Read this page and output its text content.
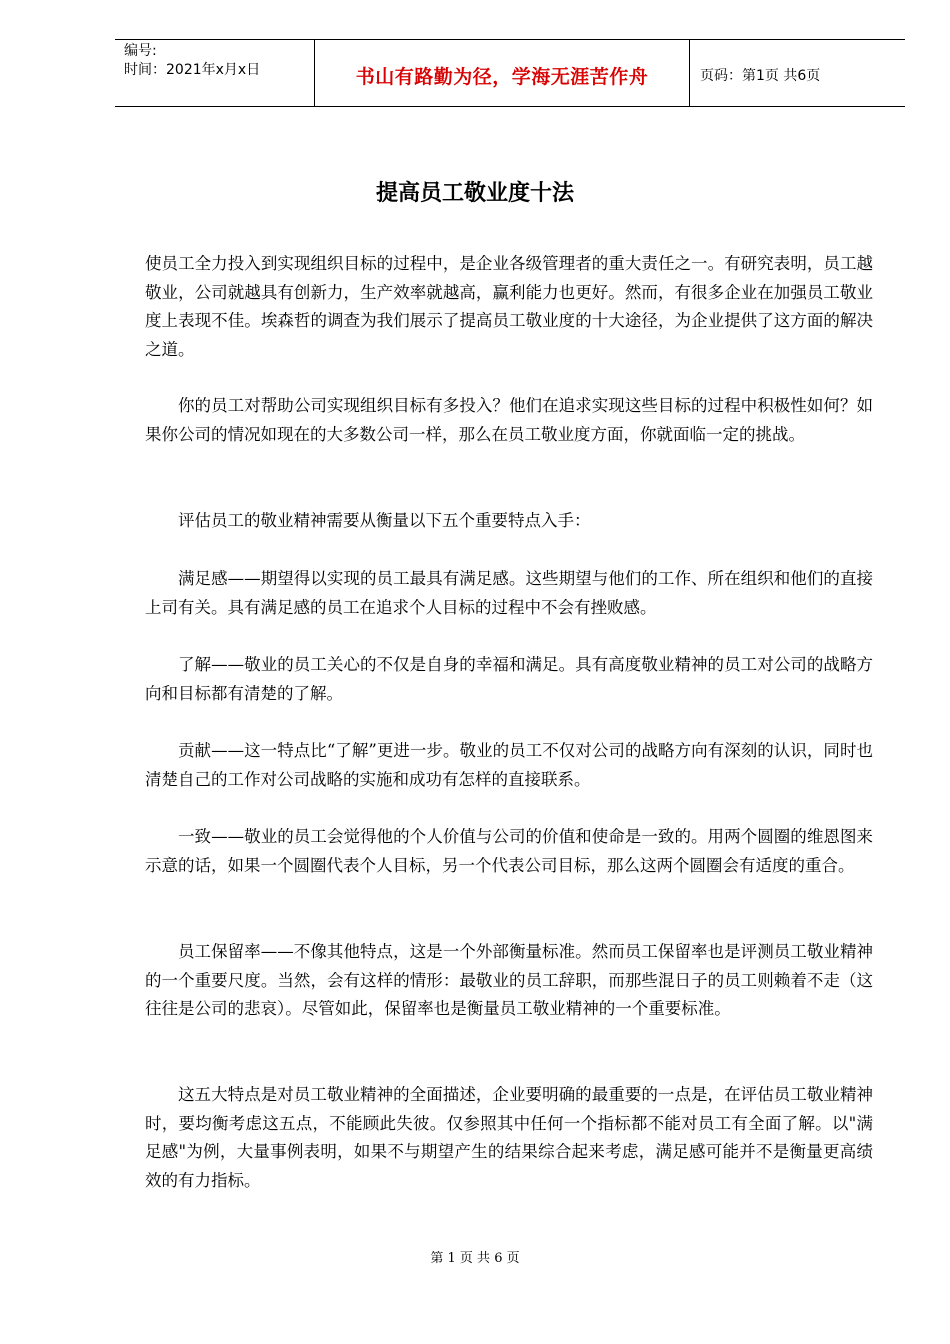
编号:
时间：2021年x月x日	书山有路勤为径，学海无涯苦作舟	页码：第1页 共6页
提高员工敬业度十法

使员工全力投入到实现组织目标的过程中，是企业各级管理者的重大责任之一。有研究表明，员工越敬业，公司就越具有创新力，生产效率就越高，赢利能力也更好。然而，有很多企业在加强员工敬业度上表现不佳。埃森哲的调查为我们展示了提高员工敬业度的十大途径，为企业提供了这方面的解决之道。

你的员工对帮助公司实现组织目标有多投入？他们在追求实现这些目标的过程中积极性如何？如果你公司的情况如现在的大多数公司一样，那么在员工敬业度方面，你就面临一定的挑战。

评估员工的敬业精神需要从衡量以下五个重要特点入手：

满足感——期望得以实现的员工最具有满足感。这些期望与他们的工作、所在组织和他们的直接上司有关。具有满足感的员工在追求个人目标的过程中不会有挫败感。

了解——敬业的员工关心的不仅是自身的幸福和满足。具有高度敬业精神的员工对公司的战略方向和目标都有清楚的了解。

贡献——这一特点比“了解”更进一步。敬业的员工不仅对公司的战略方向有深刻的认识，同时也清楚自己的工作对公司战略的实施和成功有怎样的直接联系。

一致——敬业的员工会觉得他的个人价值与公司的价值和使命是一致的。用两个圆圈的维恩图来示意的话，如果一个圆圈代表个人目标，另一个代表公司目标，那么这两个圆圈会有适度的重合。

员工保留率——不像其他特点，这是一个外部衡量标准。然而员工保留率也是评测员工敬业精神的一个重要尺度。当然，会有这样的情形：最敬业的员工辞职，而那些混日子的员工则赖着不走（这往往是公司的悲哀）。尽管如此，保留率也是衡量员工敬业精神的一个重要标准。

这五大特点是对员工敬业精神的全面描述，企业要明确的最重要的一点是，在评估员工敬业精神时，要均衡考虑这五点，不能顾此失彼。仅参照其中任何一个指标都不能对员工有全面了解。以"满足感"为例，大量事例表明，如果不与期望产生的结果综合起来考虑，满足感可能并不是衡量更高绩效的有力指标。

第 1 页 共 6 页
